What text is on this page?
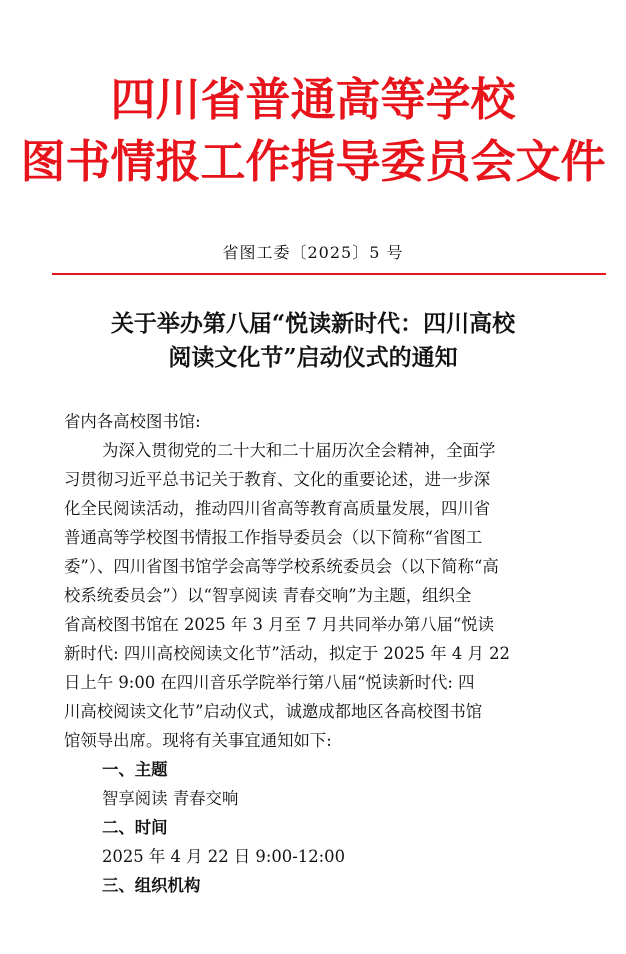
四川省普通高等学校
图书情报工作指导委员会文件
省图工委〔2025〕5 号
关于举办第八届“悦读新时代：四川高校
阅读文化节”启动仪式的通知
省内各高校图书馆:
为深入贯彻党的二十大和二十届历次全会精神，全面学
习贯彻习近平总书记关于教育、文化的重要论述，进一步深
化全民阅读活动，推动四川省高等教育高质量发展，四川省
普通高等学校图书情报工作指导委员会（以下简称“省图工
委”）、四川省图书馆学会高等学校系统委员会（以下简称“高
校系统委员会”）以“智享阅读 青春交响”为主题，组织全
省高校图书馆在 2025 年 3 月至 7 月共同举办第八届“悦读
新时代: 四川高校阅读文化节”活动，拟定于 2025 年 4 月 22
日上午 9:00 在四川音乐学院举行第八届“悦读新时代: 四
川高校阅读文化节”启动仪式，诚邀成都地区各高校图书馆
馆领导出席。现将有关事宜通知如下:
一、主题
智享阅读 青春交响
二、时间
2025 年 4 月 22 日 9:00-12:00
三、组织机构
